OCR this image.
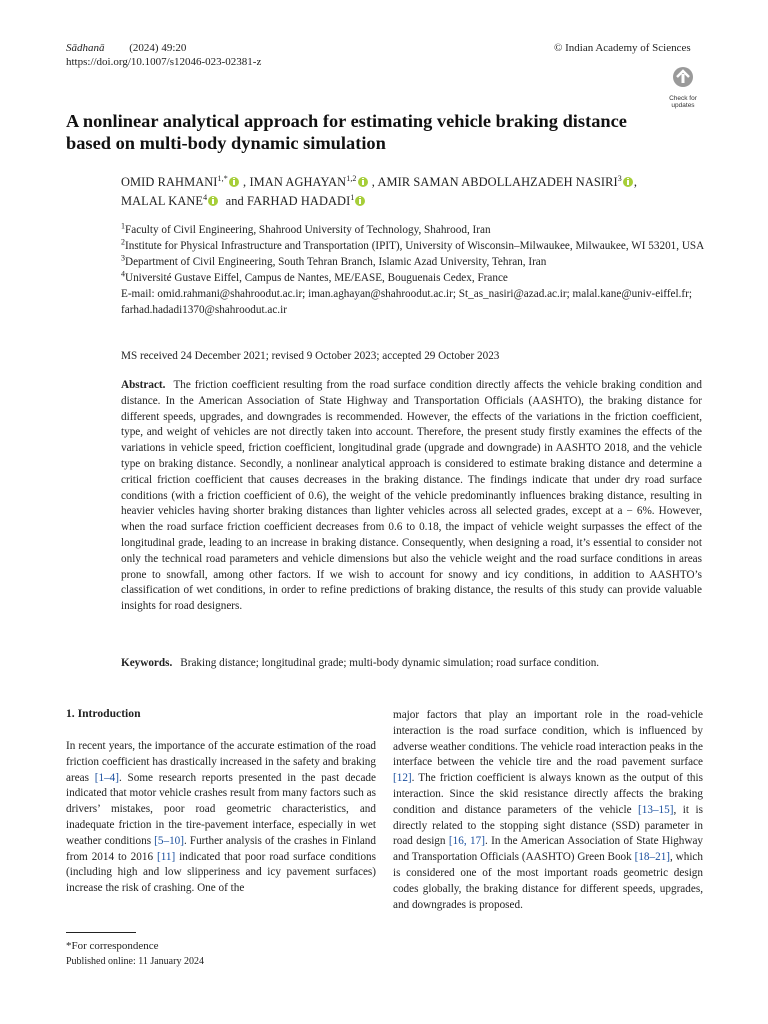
Sādhanā (2024) 49:20
https://doi.org/10.1007/s12046-023-02381-z
© Indian Academy of Sciences
Check for
updates
A nonlinear analytical approach for estimating vehicle braking distance based on multi-body dynamic simulation
OMID $RAHMANI^{1,*}$ , IMAN AGHAYAN$^{1,2}$ , AMIR SAMAN ABDOLLAHZADEH NASIRI$^3$ ,
MALAL KANE$^4$ and FARHAD HADADI$^1$

$^1$Faculty of Civil Engineering, Shahrood University of Technology, Shahrood, Iran

$^2$Institute for Physical Infrastructure and Transportation (IPIT), University of Wisconsin–Milwaukee, Milwaukee, WI 53201, USA

$^3$Department of Civil Engineering, South Tehran Branch, Islamic Azad University, Tehran, Iran

$^4$Université Gustave Eiffel, Campus de Nantes, ME/EASE, Bouguenais Cedex, France

E-mail: omid.rahmani@shahroodut.ac.ir; iman.aghayan@shahroodut.ac.ir; St_as_nasiri@azad.ac.ir; malal.kane@univ-eiffel.fr; farhad.hadadi1370@shahroodut.ac.ir

MS received 24 December 2021; revised 9 October 2023; accepted 29 October 2023
Abstract. The friction coefficient resulting from the road surface condition directly affects the vehicle braking condition and distance. In the American Association of State Highway and Transportation Officials (AASHTO), the braking distance for different speeds, upgrades, and downgrades is recommended. However, the effects of the variations in the friction coefficient, type, and weight of vehicles are not directly taken into account. Therefore, the present study firstly examines the effects of the variations in vehicle speed, friction coefficient, longitudinal grade (upgrade and downgrade) in AASHTO 2018, and the vehicle type on braking distance. Secondly, a nonlinear analytical approach is considered to estimate braking distance and determine a critical friction coefficient that causes decreases in the braking distance. The findings indicate that under dry road surface conditions (with a friction coefficient of 0.6), the weight of the vehicle predominantly influences braking distance, resulting in heavier vehicles having shorter braking distances than lighter vehicles across all selected grades, except at a − 6%. However, when the road surface friction coefficient decreases from 0.6 to 0.18, the impact of vehicle weight surpasses the effect of the longitudinal grade, leading to an increase in braking distance. Consequently, when designing a road, it’s essential to consider not only the technical road parameters and vehicle dimensions but also the vehicle weight and the road surface conditions in areas prone to snowfall, among other factors. If we wish to account for snowy and icy conditions, in addition to AASHTO’s classification of wet conditions, in order to refine predictions of braking distance, the results of this study can provide valuable insights for road designers.
Keywords. Braking distance; longitudinal grade; multi-body dynamic simulation; road surface condition.
1. Introduction
In recent years, the importance of the accurate estimation of the road friction coefficient has drastically increased in the safety and braking areas [1–4]. Some research reports presented in the past decade indicated that motor vehicle crashes result from many factors such as drivers’ mistakes, poor road geometric characteristics, and inadequate friction in the tire-pavement interface, especially in wet weather conditions [5–10]. Further analysis of the crashes in Finland from 2014 to 2016 [11] indicated that poor road surface conditions (including high and low slipperiness and icy pavement surfaces) increase the risk of crashing. One of the
major factors that play an important role in the road-vehicle interaction is the road surface condition, which is influenced by adverse weather conditions. The vehicle road interaction peaks in the interface between the vehicle tire and the road pavement surface [12]. The friction coefficient is always known as the output of this interaction. Since the skid resistance directly affects the braking condition and distance parameters of the vehicle [13–15], it is directly related to the stopping sight distance (SSD) parameter in road design [16, 17]. In the American Association of State Highway and Transportation Officials (AASHTO) Green Book [18–21], which is considered one of the most important roads geometric design codes globally, the braking distance for different speeds, upgrades, and downgrades is proposed.
*For correspondence
Published online: 11 January 2024
